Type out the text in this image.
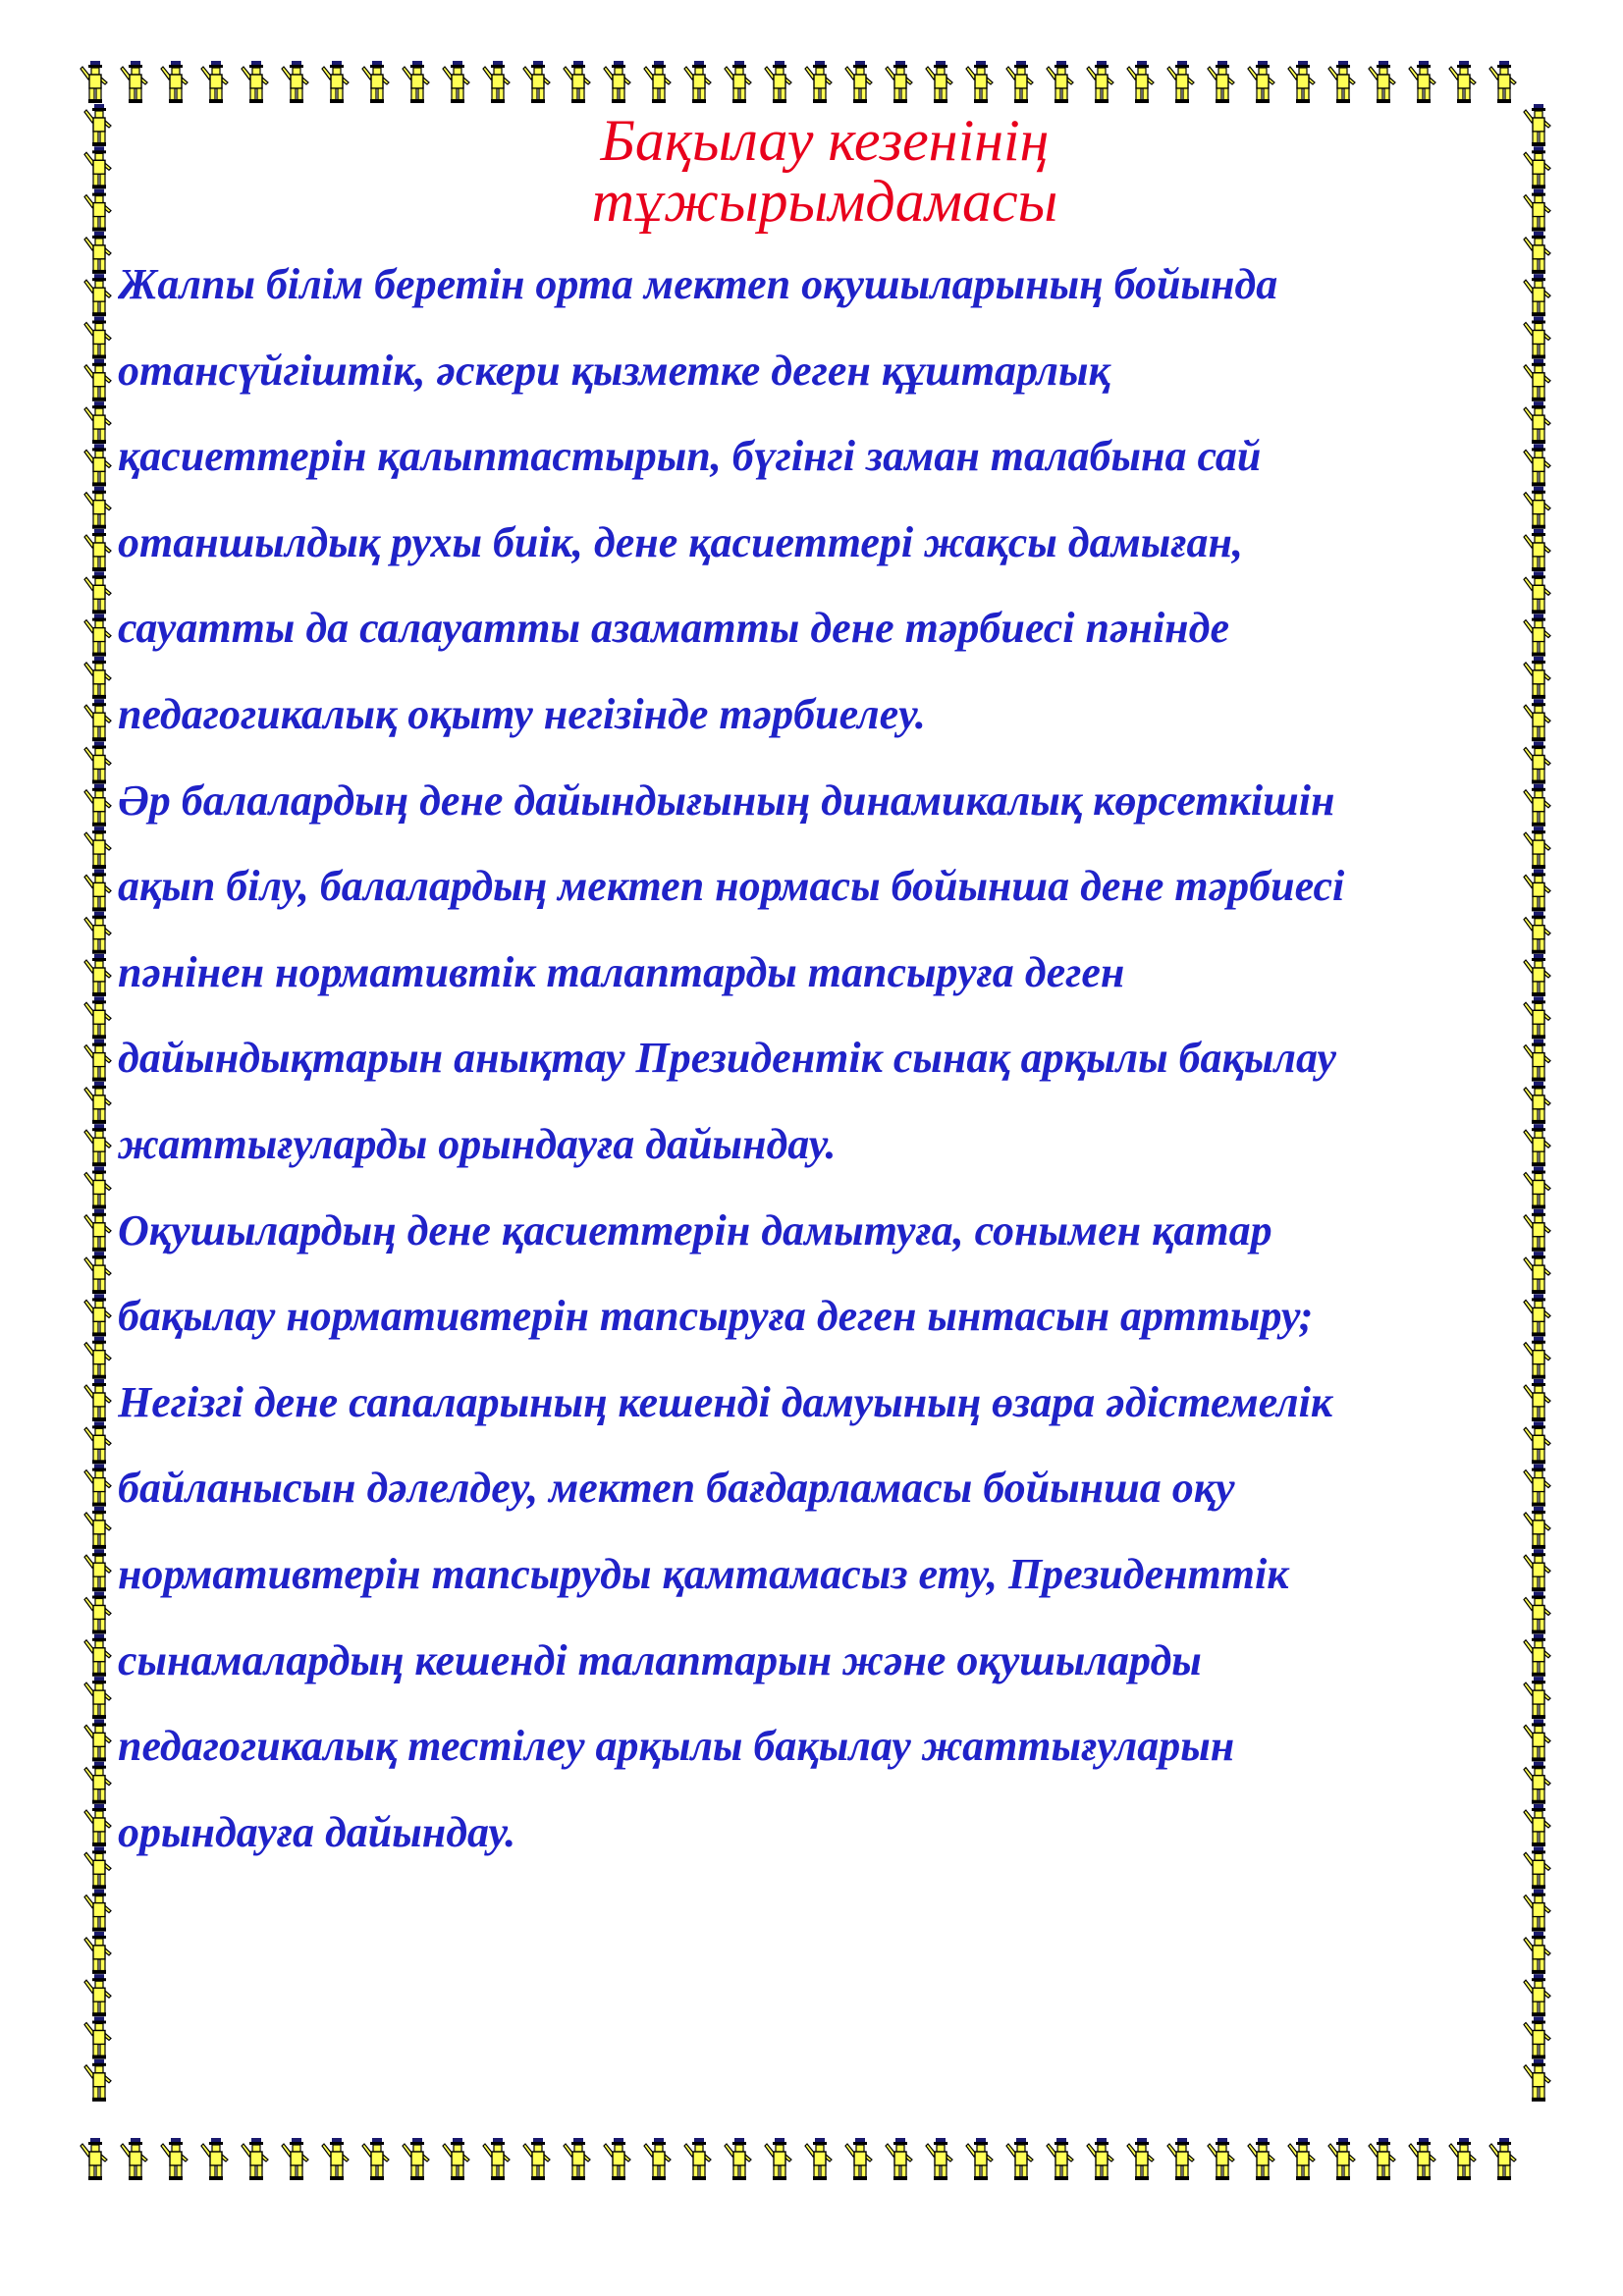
Бақылау кезенінің
тұжырымдамасы
Жалпы білім беретін орта мектеп оқушыларының бойында
отансүйгіштік, әскери қызметке деген құштарлық
қасиеттерін қалыптастырып, бүгінгі заман талабына сай
отаншылдық рухы биік, дене қасиеттері жақсы дамыған,
сауатты да салауатты азаматты дене тәрбиесі пәнінде
педагогикалық оқыту негізінде тәрбиелеу.
Әр балалардың дене дайындығының динамикалық көрсеткішін
ақып білу, балалардың мектеп нормасы бойынша дене тәрбиесі
пәнінен нормативтік талаптарды тапсыруға деген
дайындықтарын анықтау Президентік сынақ арқылы бақылау
жаттығуларды орындауға дайындау.
Оқушылардың дене қасиеттерін дамытуға, сонымен қатар
бақылау нормативтерін тапсыруға деген ынтасын арттыру;
Негізгі дене сапаларының кешенді дамуының өзара әдістемелік
байланысын дәлелдеу, мектеп бағдарламасы бойынша оқу
нормативтерін тапсыруды қамтамасыз ету, Президенттік
сынамалардың кешенді талаптарын және оқушыларды
педагогикалық тестілеу арқылы бақылау жаттығуларын
орындауға дайындау.
